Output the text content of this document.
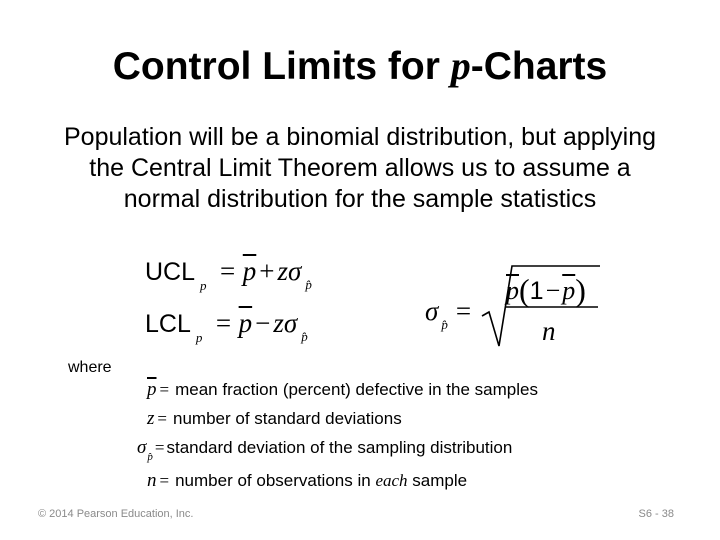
Control Limits for p-Charts
Population will be a binomial distribution, but applying the Central Limit Theorem allows us to assume a normal distribution for the sample statistics
UCL $_p = \overline{p} + z\sigma$ $_{p̂}$
LCL $_p = \overline{p} - z\sigma$ $_{p̂}$
σ $_{p̂}$ =
$\overline{p}(1-\overline{p})$
n
where
$\overline{p}$ = mean fraction (percent) defective in the samples
z = number of standard deviations
$\sigma_{p̂}$ = standard deviation of the sampling distribution
n = number of observations in each sample
© 2014 Pearson Education, Inc.	S6 - 38
